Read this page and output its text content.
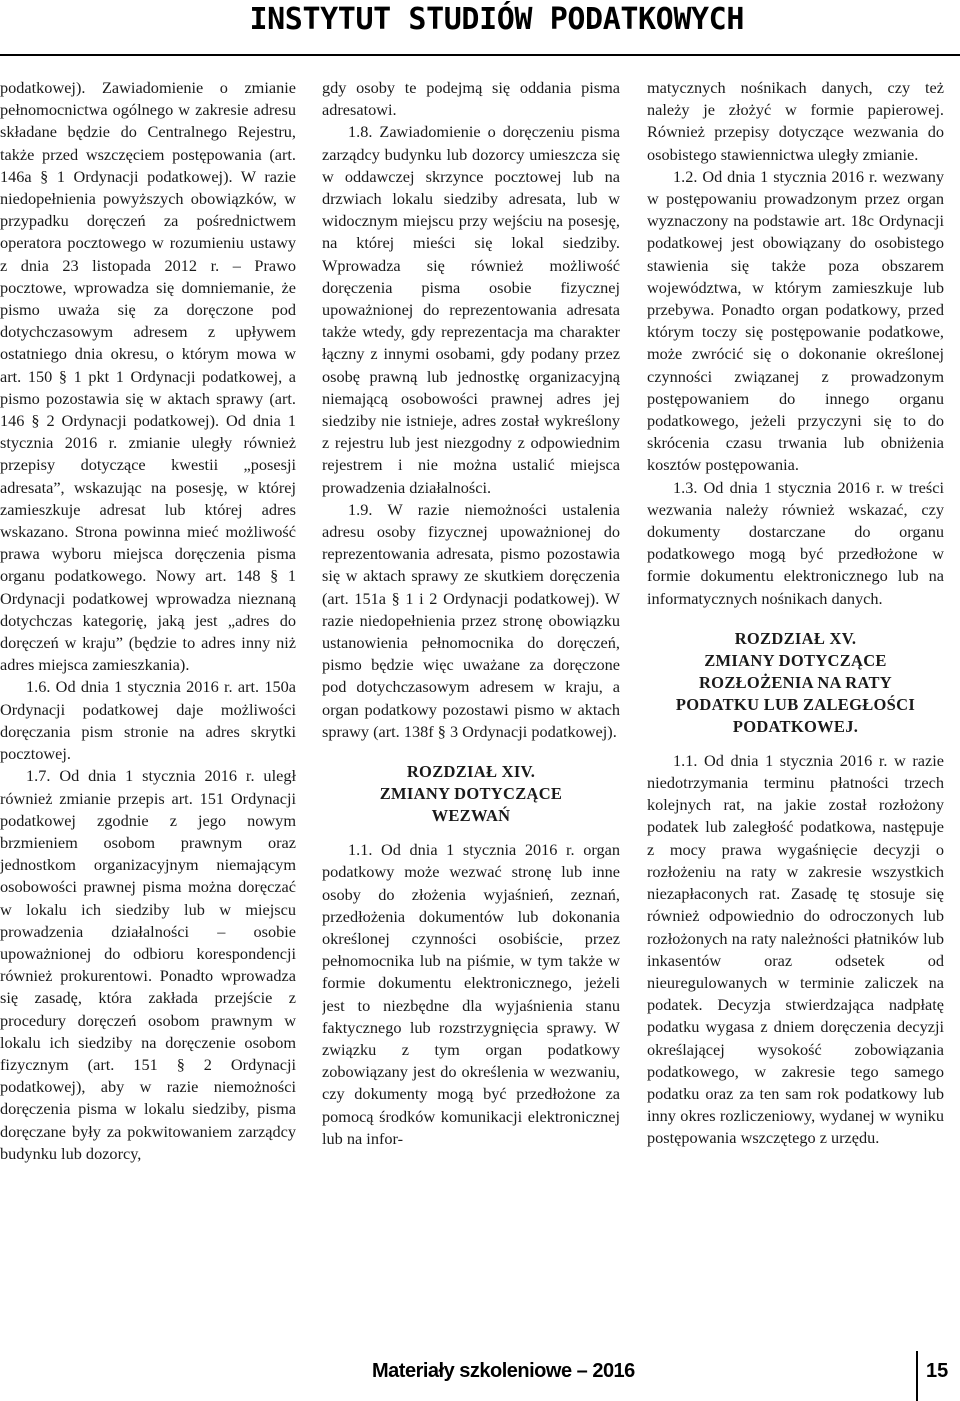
INSTYTUT STUDIÓW PODATKOWYCH

podatkowej). Zawiadomienie o zmianie pełnomocnictwa ogólnego w zakresie adresu składane będzie do Centralnego Rejestru, także przed wszczęciem postępowania (art. 146a § 1 Ordynacji podatkowej). W razie niedopełnienia powyższych obowiązków, w przypadku doręczeń za pośrednictwem operatora pocztowego w rozumieniu ustawy z dnia 23 listopada 2012 r. – Prawo pocztowe, wprowadza się domniemanie, że pismo uważa się za doręczone pod dotychczasowym adresem z upływem ostatniego dnia okresu, o którym mowa w art. 150 § 1 pkt 1 Ordynacji podatkowej, a pismo pozostawia się w aktach sprawy (art. 146 § 2 Ordynacji podatkowej). Od dnia 1 stycznia 2016 r. zmianie uległy również przepisy dotyczące kwestii „posesji adresata”, wskazując na posesję, w której zamieszkuje adresat lub której adres wskazano. Strona powinna mieć możliwość prawa wyboru miejsca doręczenia pisma organu podatkowego. Nowy art. 148 § 1 Ordynacji podatkowej wprowadza nieznaną dotychczas kategorię, jaką jest „adres do doręczeń w kraju” (będzie to adres inny niż adres miejsca zamieszkania).

1.6. Od dnia 1 stycznia 2016 r. art. 150a Ordynacji podatkowej daje możliwości doręczania pism stronie na adres skrytki pocztowej.

1.7. Od dnia 1 stycznia 2016 r. uległ również zmianie przepis art. 151 Ordynacji podatkowej zgodnie z jego nowym brzmieniem osobom prawnym oraz jednostkom organizacyjnym niemającym osobowości prawnej pisma można doręczać w lokalu ich siedziby lub w miejscu prowadzenia działalności – osobie upoważnionej do odbioru korespondencji również prokurentowi. Ponadto wprowadza się zasadę, która zakłada przejście z procedury doręczeń osobom prawnym w lokalu ich siedziby na doręczenie osobom fizycznym (art. 151 § 2 Ordynacji podatkowej), aby w razie niemożności doręczenia pisma w lokalu siedziby, pisma doręczane były za pokwitowaniem zarządcy budynku lub dozorcy,

gdy osoby te podejmą się oddania pisma adresatowi.

1.8. Zawiadomienie o doręczeniu pisma zarządcy budynku lub dozorcy umieszcza się w oddawczej skrzynce pocztowej lub na drzwiach lokalu siedziby adresata, lub w widocznym miejscu przy wejściu na posesję, na której mieści się lokal siedziby. Wprowadza się również możliwość doręczenia pisma osobie fizycznej upoważnionej do reprezentowania adresata także wtedy, gdy reprezentacja ma charakter łączny z innymi osobami, gdy podany przez osobę prawną lub jednostkę organizacyjną niemającą osobowości prawnej adres jej siedziby nie istnieje, adres został wykreślony z rejestru lub jest niezgodny z odpowiednim rejestrem i nie można ustalić miejsca prowadzenia działalności.

1.9. W razie niemożności ustalenia adresu osoby fizycznej upoważnionej do reprezentowania adresata, pismo pozostawia się w aktach sprawy ze skutkiem doręczenia (art. 151a § 1 i 2 Ordynacji podatkowej). W razie niedopełnienia przez stronę obowiązku ustanowienia pełnomocnika do doręczeń, pismo będzie więc uważane za doręczone pod dotychczasowym adresem w kraju, a organ podatkowy pozostawi pismo w aktach sprawy (art. 138f § 3 Ordynacji podatkowej).

ROZDZIAŁ XIV.
ZMIANY DOTYCZĄCE
WEZWAŃ

1.1. Od dnia 1 stycznia 2016 r. organ podatkowy może wezwać stronę lub inne osoby do złożenia wyjaśnień, zeznań, przedłożenia dokumentów lub dokonania określonej czynności osobiście, przez pełnomocnika lub na piśmie, w tym także w formie dokumentu elektronicznego, jeżeli jest to niezbędne dla wyjaśnienia stanu faktycznego lub rozstrzygnięcia sprawy. W związku z tym organ podatkowy zobowiązany jest do określenia w wezwaniu, czy dokumenty mogą być przedłożone za pomocą środków komunikacji elektronicznej lub na infor-

matycznych nośnikach danych, czy też należy je złożyć w formie papierowej. Również przepisy dotyczące wezwania do osobistego stawiennictwa uległy zmianie.

1.2. Od dnia 1 stycznia 2016 r. wezwany w postępowaniu prowadzonym przez organ wyznaczony na podstawie art. 18c Ordynacji podatkowej jest obowiązany do osobistego stawienia się także poza obszarem województwa, w którym zamieszkuje lub przebywa. Ponadto organ podatkowy, przed którym toczy się postępowanie podatkowe, może zwrócić się o dokonanie określonej czynności związanej z prowadzonym postępowaniem do innego organu podatkowego, jeżeli przyczyni się to do skrócenia czasu trwania lub obniżenia kosztów postępowania.

1.3. Od dnia 1 stycznia 2016 r. w treści wezwania należy również wskazać, czy dokumenty dostarczane do organu podatkowego mogą być przedłożone w formie dokumentu elektronicznego lub na informatycznych nośnikach danych.

ROZDZIAŁ XV.
ZMIANY DOTYCZĄCE
ROZŁOŻENIA NA RATY
PODATKU LUB ZALEGŁOŚCI
PODATKOWEJ.

1.1. Od dnia 1 stycznia 2016 r. w razie niedotrzymania terminu płatności trzech kolejnych rat, na jakie został rozłożony podatek lub zaległość podatkowa, następuje z mocy prawa wygaśnięcie decyzji o rozłożeniu na raty w zakresie wszystkich niezapłaconych rat. Zasadę tę stosuje się również odpowiednio do odroczonych lub rozłożonych na raty należności płatników lub inkasentów oraz odsetek od nieuregulowanych w terminie zaliczek na podatek. Decyzja stwierdzająca nadpłatę podatku wygasa z dniem doręczenia decyzji określającej wysokość zobowiązania podatkowego, w zakresie tego samego podatku oraz za ten sam rok podatkowy lub inny okres rozliczeniowy, wydanej w wyniku postępowania wszczętego z urzędu.

Materiały szkoleniowe – 2016	15
